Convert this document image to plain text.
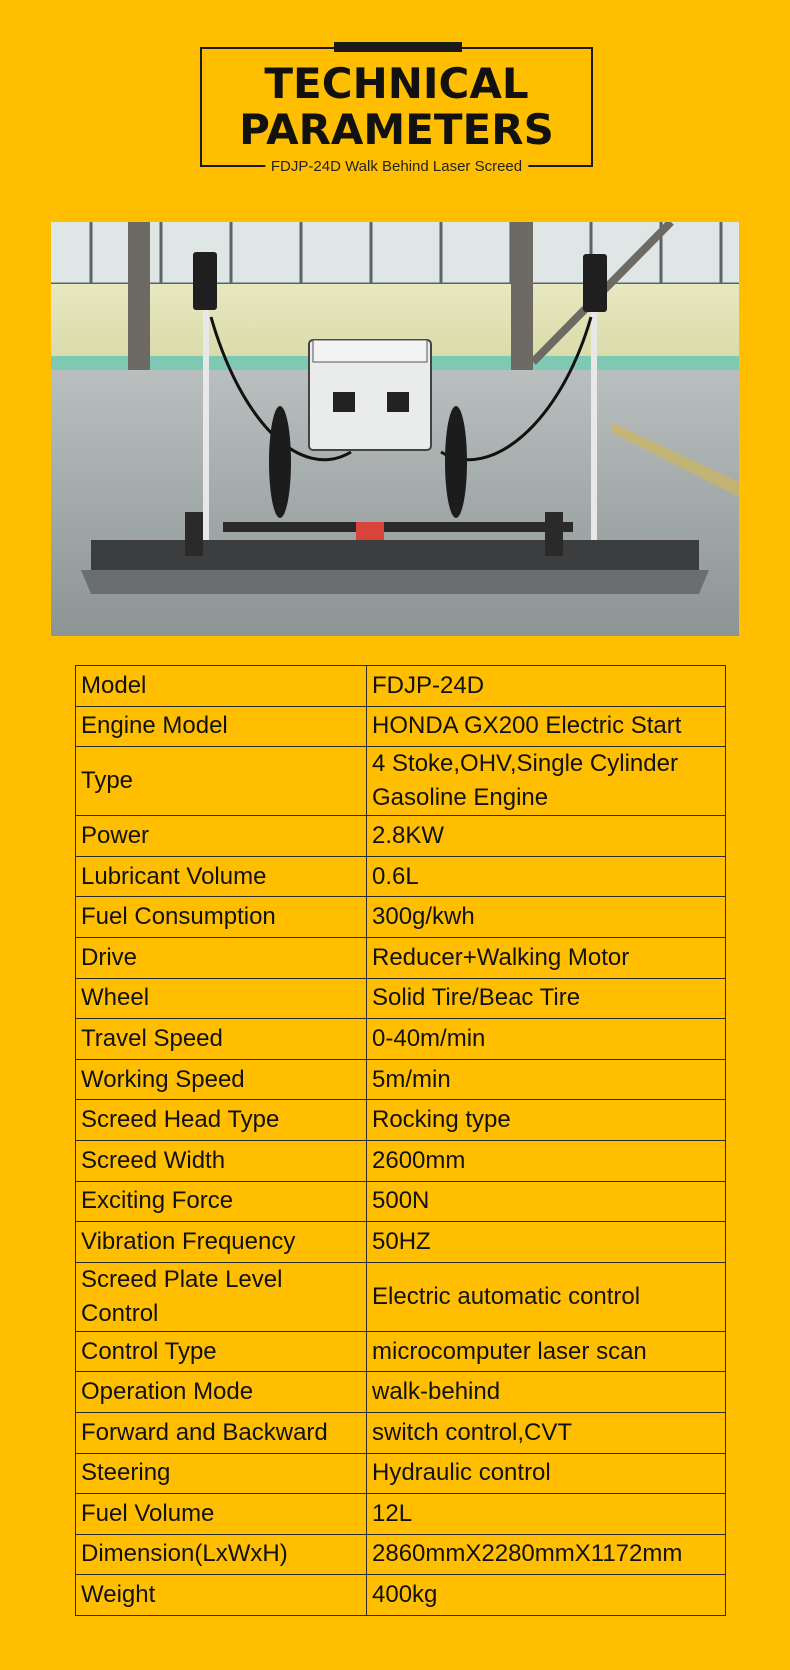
TECHNICAL
PARAMETERS
FDJP-24D Walk Behind Laser Screed
Model	FDJP-24D
Engine Model	HONDA GX200 Electric Start
Type	4 Stoke,OHV,Single Cylinder Gasoline Engine
Power	2.8KW
Lubricant Volume	0.6L
Fuel Consumption	300g/kwh
Drive	Reducer+Walking Motor
Wheel	Solid Tire/Beac Tire
Travel Speed	0-40m/min
Working Speed	5m/min
Screed Head Type	Rocking type
Screed Width	2600mm
Exciting Force	500N
Vibration Frequency	50HZ
Screed Plate Level Control	Electric automatic control
Control Type	microcomputer laser scan
Operation Mode	walk-behind
Forward and Backward	switch control,CVT
Steering	Hydraulic control
Fuel Volume	12L
Dimension(LxWxH)	2860mmX2280mmX1172mm
Weight	400kg
